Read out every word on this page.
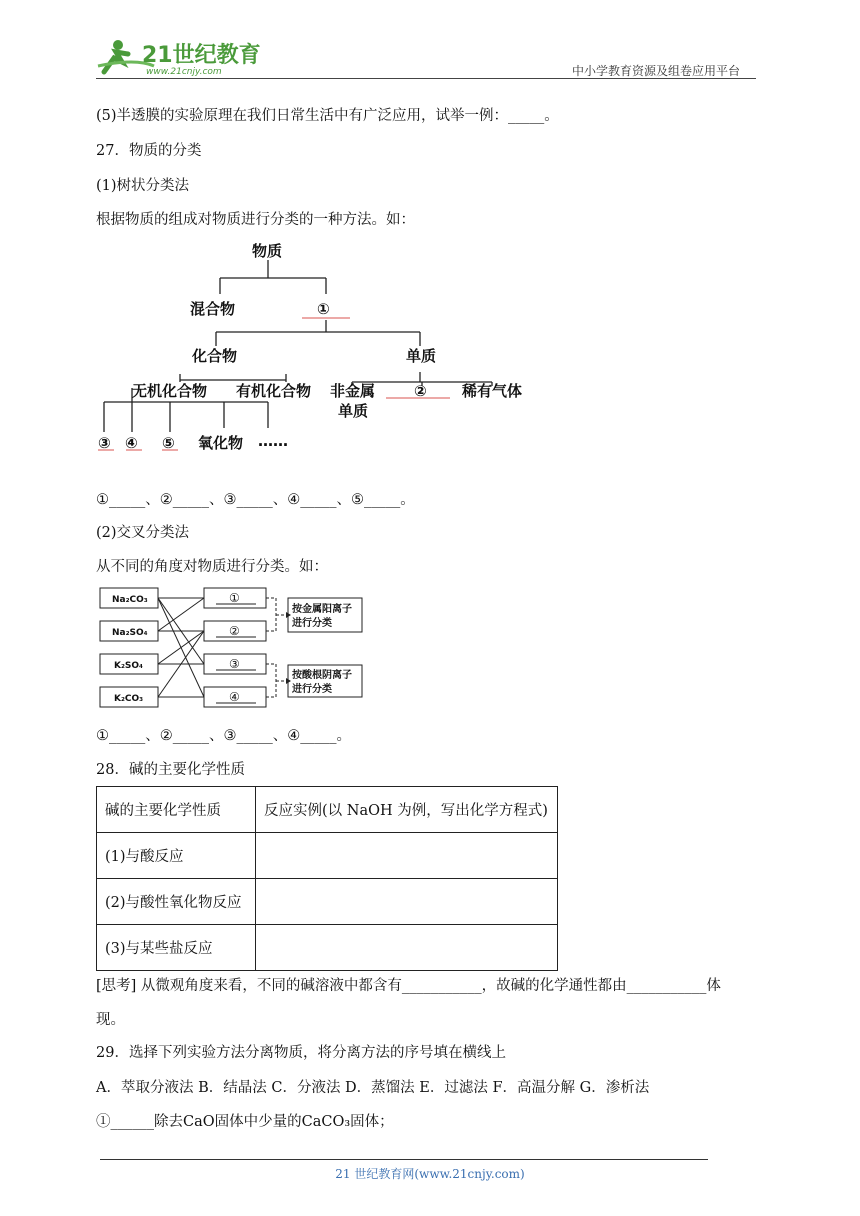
21世纪教育
www.21cnjy.com	中小学教育资源及组卷应用平台
(5)半透膜的实验原理在我们日常生活中有广泛应用，试举一例：_____。
27．物质的分类
(1)树状分类法
根据物质的组成对物质进行分类的一种方法。如：
物质
混合物	①
化合物	单质
无机化合物 有机化合物 非金属
单质
② 稀有气体
③ ④ ⑤ 氧化物 ……
①_____、②_____、③_____、④_____、⑤_____。
(2)交叉分类法
从不同的角度对物质进行分类。如：
Na₂CO₃
Na₂SO₄
K₂SO₄
K₂CO₃
①
②
③
④
按金属阳离子
进行分类
按酸根阴离子
进行分类
①_____、②_____、③_____、④_____。
28．碱的主要化学性质
碱的主要化学性质	反应实例(以 NaOH 为例，写出化学方程式)
(1)与酸反应	
(2)与酸性氧化物反应	
(3)与某些盐反应	
[思考] 从微观角度来看，不同的碱溶液中都含有___________，故碱的化学通性都由___________体
现。
29．选择下列实验方法分离物质，将分离方法的序号填在横线上
A．萃取分液法 B．结晶法 C．分液法 D．蒸馏法 E．过滤法 F．高温分解 G．渗析法
①______除去CaO固体中少量的CaCO₃固体；
21 世纪教育网(www.21cnjy.com)
